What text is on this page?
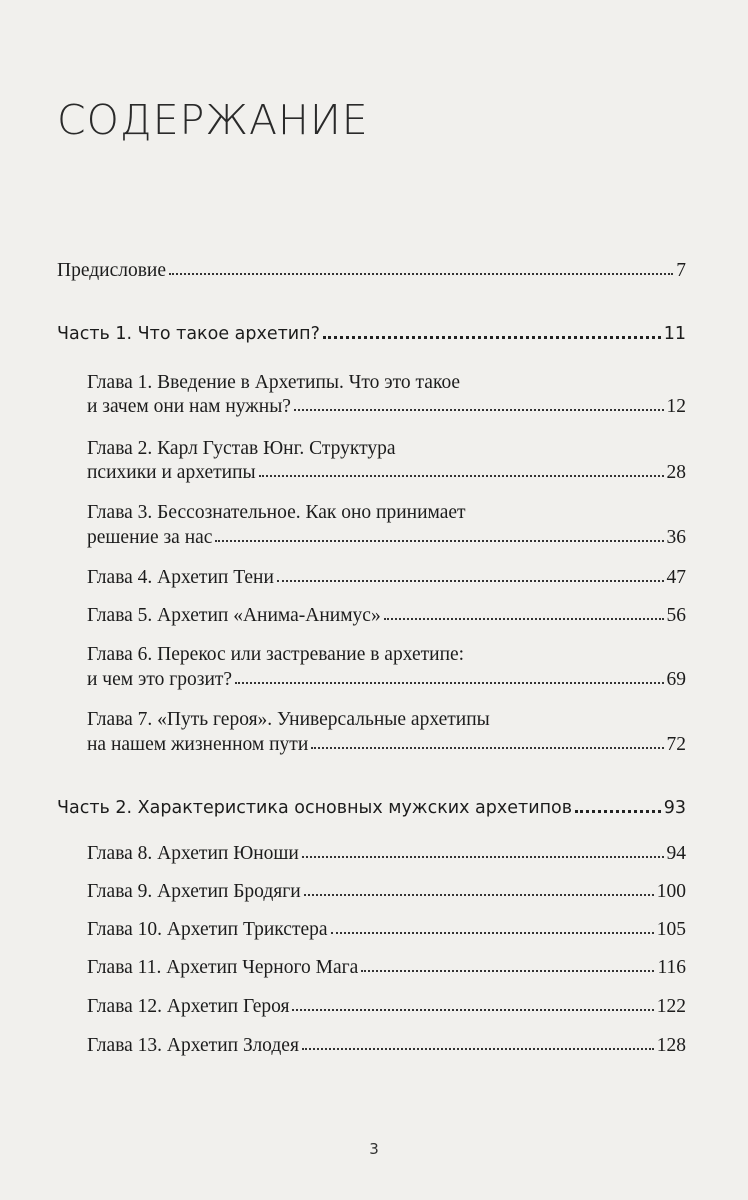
СОДЕРЖАНИЕ
Предисловие	7
Часть 1. Что такое архетип?	11
Глава 1. Введение в Архетипы. Что это такое
и зачем они нам нужны?	12
Глава 2. Карл Густав Юнг. Структура
психики и архетипы	28
Глава 3. Бессознательное. Как оно принимает
решение за нас	36
Глава 4. Архетип Тени	47
Глава 5. Архетип «Анима-Анимус»	56
Глава 6. Перекос или застревание в архетипе:
и чем это грозит?	69
Глава 7. «Путь героя». Универсальные архетипы
на нашем жизненном пути	72
Часть 2. Характеристика основных мужских архетипов	93
Глава 8. Архетип Юноши	94
Глава 9. Архетип Бродяги	100
Глава 10. Архетип Трикстера	105
Глава 11. Архетип Черного Мага	116
Глава 12. Архетип Героя	122
Глава 13. Архетип Злодея	128
3
